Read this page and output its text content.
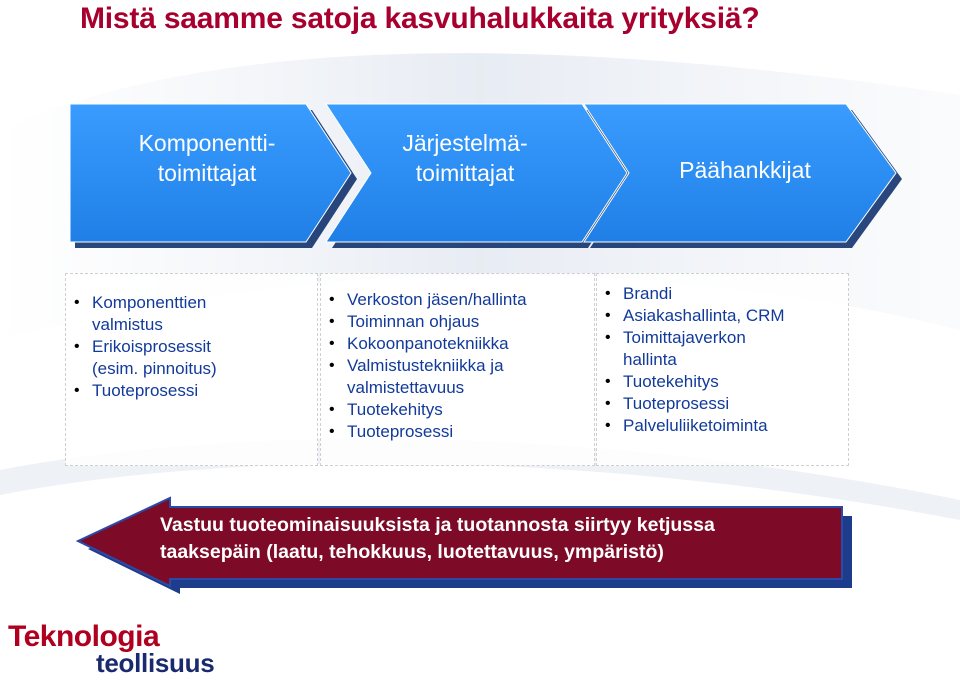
Mistä saamme satoja kasvuhalukkaita yrityksiä?
Komponentti-
toimittajat
Järjestelmä-
toimittajat	Päähankkijat
• Komponenttien
valmistus
• Erikoisprosessit
(esim. pinnoitus)
• Tuoteprosessi
• Verkoston jäsen/hallinta
• Toiminnan ohjaus
• Kokoonpanotekniikka
• Valmistustekniikka ja
valmistettavuus
• Tuotekehitys
• Tuoteprosessi
• Brandi
• Asiakashallinta, CRM
• Toimittajaverkon
hallinta
• Tuotekehitys
• Tuoteprosessi
• Palveluliiketoiminta
Vastuu tuoteominaisuuksista ja tuotannosta siirtyy ketjussa
taaksepäin (laatu, tehokkuus, luotettavuus, ympäristö)
Teknologia
teollisuus
